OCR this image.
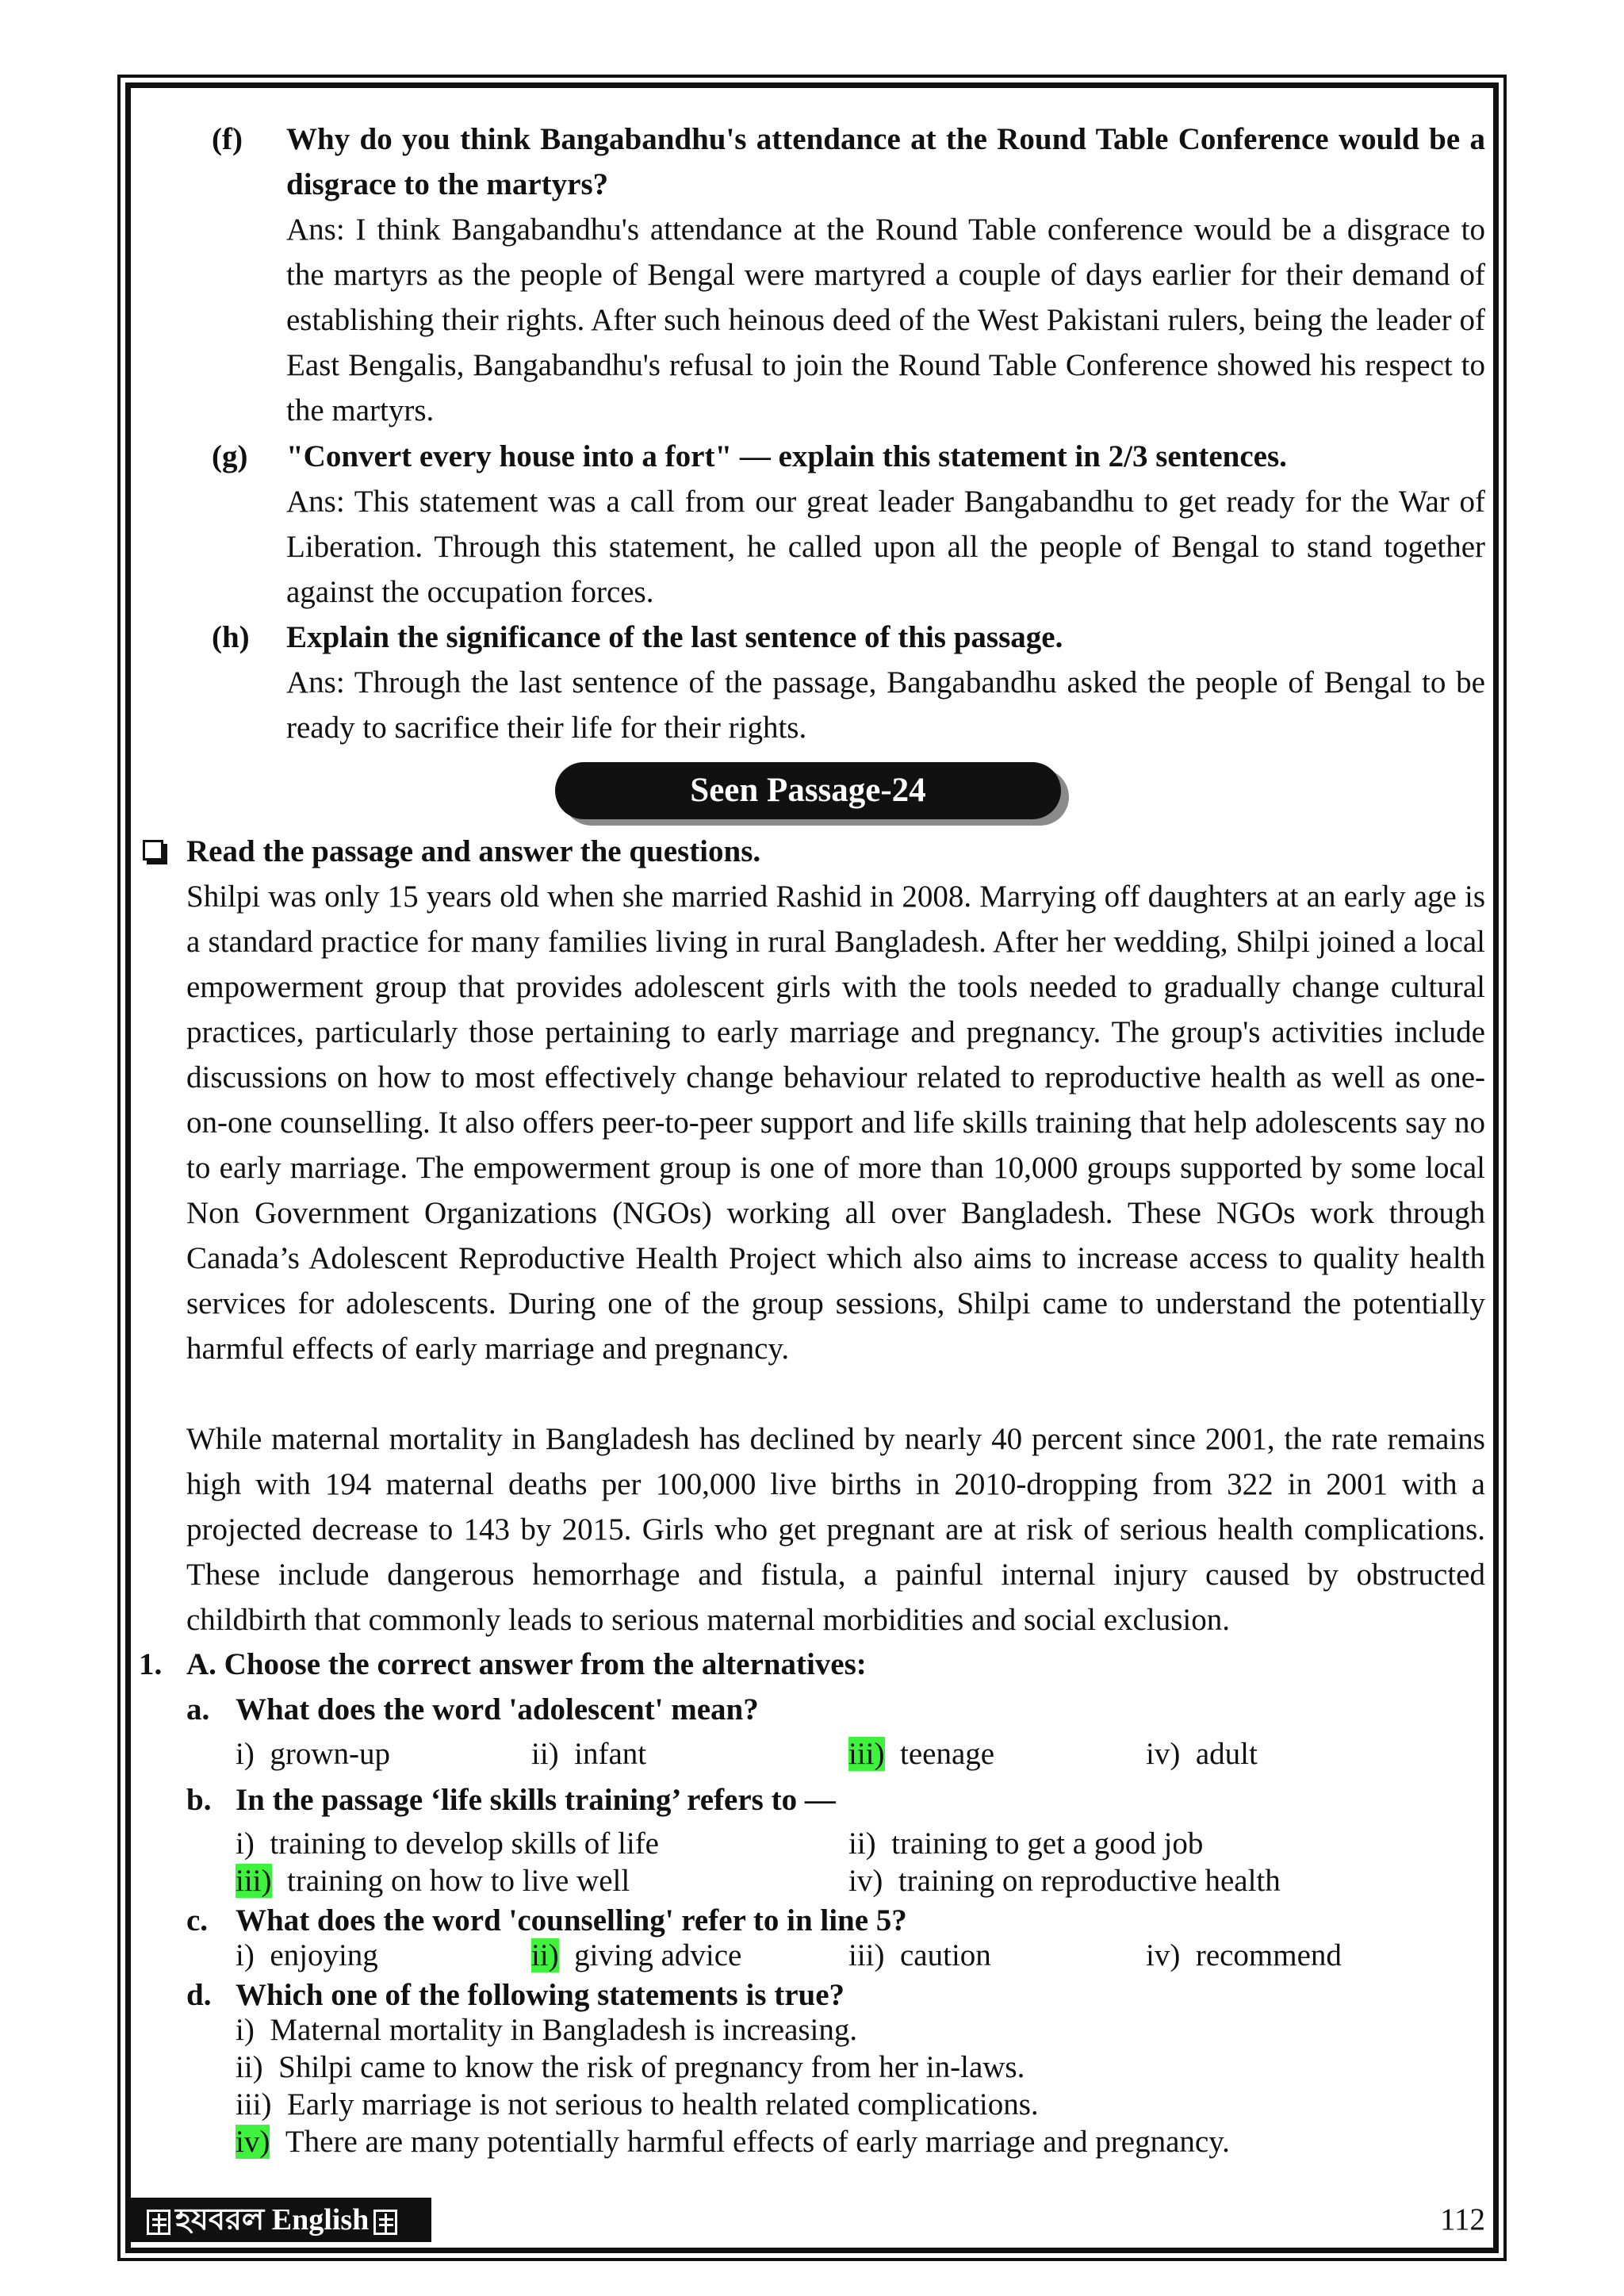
(f) Why do you think Bangabandhu's attendance at the Round Table Conference would be a disgrace to the martyrs?
Ans: I think Bangabandhu's attendance at the Round Table conference would be a disgrace to the martyrs as the people of Bengal were martyred a couple of days earlier for their demand of establishing their rights. After such heinous deed of the West Pakistani rulers, being the leader of East Bengalis, Bangabandhu's refusal to join the Round Table Conference showed his respect to the martyrs.
(g) "Convert every house into a fort" — explain this statement in 2/3 sentences.
Ans: This statement was a call from our great leader Bangabandhu to get ready for the War of Liberation. Through this statement, he called upon all the people of Bengal to stand together against the occupation forces.
(h) Explain the significance of the last sentence of this passage.
Ans: Through the last sentence of the passage, Bangabandhu asked the people of Bengal to be ready to sacrifice their life for their rights.
Seen Passage-24
Read the passage and answer the questions.
Shilpi was only 15 years old when she married Rashid in 2008. Marrying off daughters at an early age is a standard practice for many families living in rural Bangladesh. After her wedding, Shilpi joined a local empowerment group that provides adolescent girls with the tools needed to gradually change cultural practices, particularly those pertaining to early marriage and pregnancy. The group's activities include discussions on how to most effectively change behaviour related to reproductive health as well as one-on-one counselling. It also offers peer-to-peer support and life skills training that help adolescents say no to early marriage. The empowerment group is one of more than 10,000 groups supported by some local Non Government Organizations (NGOs) working all over Bangladesh. These NGOs work through Canada’s Adolescent Reproductive Health Project which also aims to increase access to quality health services for adolescents. During one of the group sessions, Shilpi came to understand the potentially harmful effects of early marriage and pregnancy.
While maternal mortality in Bangladesh has declined by nearly 40 percent since 2001, the rate remains high with 194 maternal deaths per 100,000 live births in 2010-dropping from 322 in 2001 with a projected decrease to 143 by 2015. Girls who get pregnant are at risk of serious health complications. These include dangerous hemorrhage and fistula, a painful internal injury caused by obstructed childbirth that commonly leads to serious maternal morbidities and social exclusion.
1. A. Choose the correct answer from the alternatives:
a. What does the word 'adolescent' mean?
i) grown-up	ii) infant	iii) teenage	iv) adult
b. In the passage ‘life skills training’ refers to —
i) training to develop skills of life	ii) training to get a good job
iii) training on how to live well	iv) training on reproductive health
c. What does the word 'counselling' refer to in line 5?
i) enjoying	ii) giving advice	iii) caution	iv) recommend
d. Which one of the following statements is true?
i) Maternal mortality in Bangladesh is increasing.
ii) Shilpi came to know the risk of pregnancy from her in-laws.
iii) Early marriage is not serious to health related complications.
iv) There are many potentially harmful effects of early marriage and pregnancy.
হযবরল English	112
